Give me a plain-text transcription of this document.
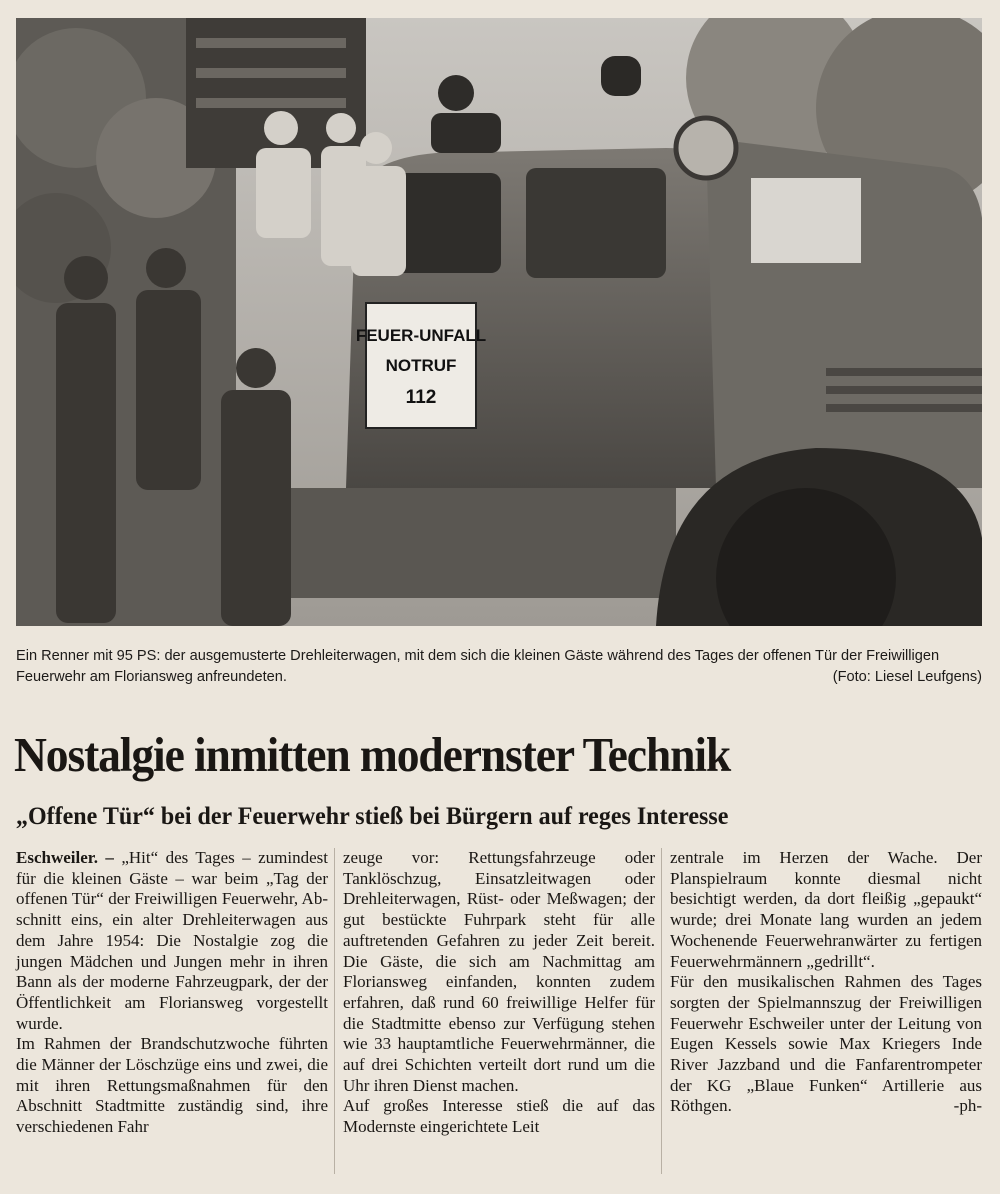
FEUER-UNFALL
NOTRUF
112
Ein Renner mit 95 PS: der ausgemusterte Drehleiterwagen, mit dem sich die kleinen Gäste während des Tages der offenen Tür der Freiwilligen Feuerwehr am Floriansweg anfreundeten.	(Foto: Liesel Leufgens)
Nostalgie inmitten modernster Technik
„Offene Tür“ bei der Feuerwehr stieß bei Bürgern auf reges Interesse

Eschweiler. – „Hit“ des Tages – zumindest für die kleinen Gäste – war beim „Tag der offenen Tür“ der Freiwilligen Feuerwehr, Abschnitt eins, ein alter Drehleiterwagen aus dem Jahre 1954: Die Nostalgie zog die jungen Mädchen und Jungen mehr in ihren Bann als der moderne Fahrzeugpark, der der Öffentlichkeit am Floriansweg vorgestellt wurde.

Im Rahmen der Brandschutzwoche führten die Männer der Löschzüge eins und zwei, die mit ihren Rettungsmaßnahmen für den Abschnitt Stadtmitte zuständig sind, ihre verschiedenen Fahr

zeuge vor: Rettungsfahrzeuge oder Tanklöschzug, Einsatzleitwagen oder Drehleiterwagen, Rüst- oder Meßwagen; der gut bestückte Fuhrpark steht für alle auftretenden Gefahren zu jeder Zeit bereit. Die Gäste, die sich am Nachmittag am Floriansweg einfanden, konnten zudem erfahren, daß rund 60 freiwillige Helfer für die Stadtmitte ebenso zur Verfügung stehen wie 33 hauptamtliche Feuerwehrmänner, die auf drei Schichten verteilt dort rund um die Uhr ihren Dienst machen.

Auf großes Interesse stieß die auf das Modernste eingerichtete Leit

zentrale im Herzen der Wache. Der Planspielraum konnte diesmal nicht besichtigt werden, da dort fleißig „gepaukt“ wurde; drei Monate lang wurden an jedem Wochenende Feuerwehranwärter zu fertigen Feuerwehrmännern „gedrillt“.

Für den musikalischen Rahmen des Tages sorgten der Spielmannszug der Freiwilligen Feuerwehr Eschweiler unter der Leitung von Eugen Kessels sowie Max Kriegers Inde River Jazzband und die Fanfarentrompeter der KG „Blaue Funken“ Artillerie aus Röthgen.	-ph-
